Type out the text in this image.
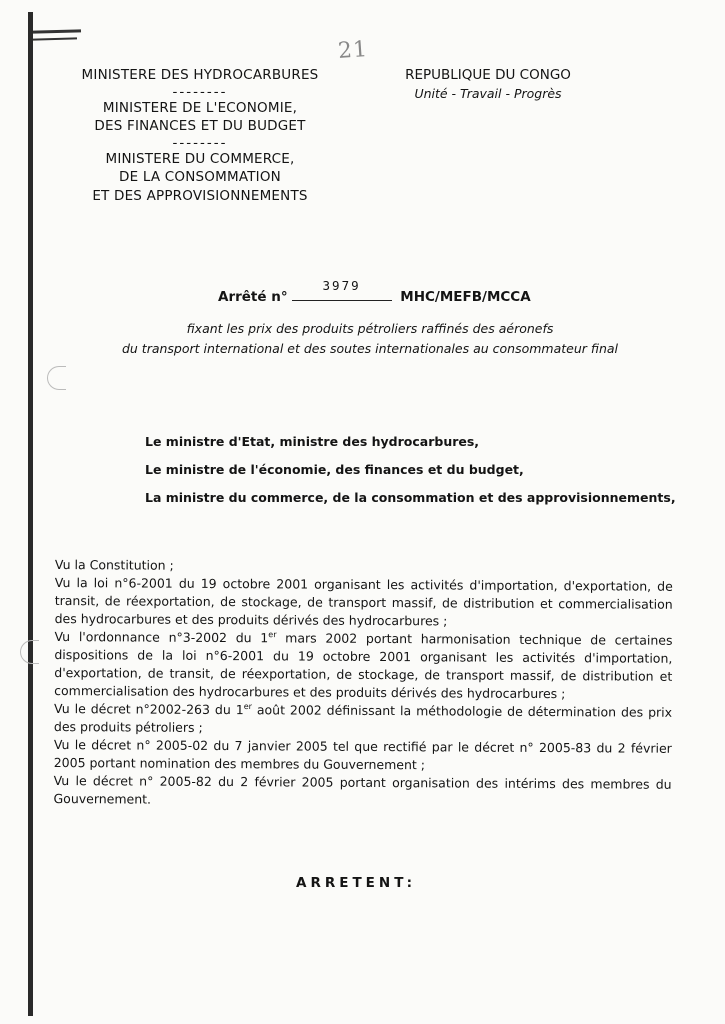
21
MINISTERE DES HYDROCARBURES
--------
MINISTERE DE L'ECONOMIE,
DES FINANCES ET DU BUDGET
--------
MINISTERE DU COMMERCE,
DE LA CONSOMMATION
ET DES APPROVISIONNEMENTS
REPUBLIQUE DU CONGO
Unité - Travail - Progrès
Arrêté n°
3979
MHC/MEFB/MCCA
fixant les prix des produits pétroliers raffinés des aéronefs
du transport international et des soutes internationales au consommateur final
Le ministre d'Etat, ministre des hydrocarbures,
Le ministre de l'économie, des finances et du budget,
La ministre du commerce, de la consommation et des approvisionnements,

Vu la Constitution ;

Vu la loi n°6-2001 du 19 octobre 2001 organisant les activités d'importation, d'exportation, de transit, de réexportation, de stockage, de transport massif, de distribution et commercialisation des hydrocarbures et des produits dérivés des hydrocarbures ;

Vu l'ordonnance n°3-2002 du 1er mars 2002 portant harmonisation technique de certaines dispositions de la loi n°6-2001 du 19 octobre 2001 organisant les activités d'importation, d'exportation, de transit, de réexportation, de stockage, de transport massif, de distribution et commercialisation des hydrocarbures et des produits dérivés des hydrocarbures ;

Vu le décret n°2002-263 du 1er août 2002 définissant la méthodologie de détermination des prix des produits pétroliers ;

Vu le décret n° 2005-02 du 7 janvier 2005 tel que rectifié par le décret n° 2005-83 du 2 février 2005 portant nomination des membres du Gouvernement ;

Vu le décret n° 2005-82 du 2 février 2005 portant organisation des intérims des membres du Gouvernement.

ARRETENT:
